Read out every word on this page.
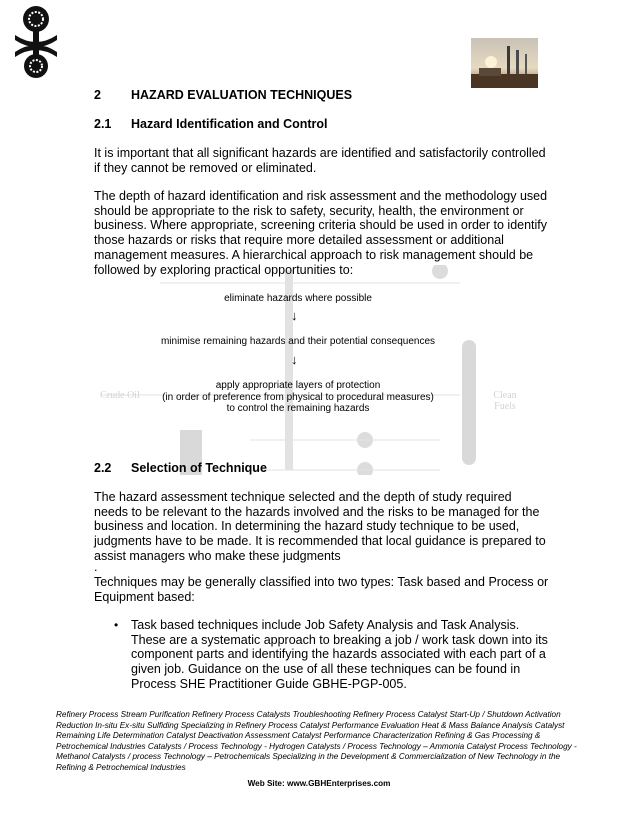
2 HAZARD EVALUATION TECHNIQUES
2.1 Hazard Identification and Control
It is important that all significant hazards are identified and satisfactorily controlled if they cannot be removed or eliminated.
The depth of hazard identification and risk assessment and the methodology used should be appropriate to the risk to safety, security, health, the environment or business. Where appropriate, screening criteria should be used in order to identify those hazards or risks that require more detailed assessment or additional management measures. A hierarchical approach to risk management should be followed by exploring practical opportunities to:
Crude Oil	Clean Fuels
eliminate hazards where possible
↓
minimise remaining hazards and their potential consequences
↓
apply appropriate layers of protection
(in order of preference from physical to procedural measures)
to control the remaining hazards
2.2 Selection of Technique
The hazard assessment technique selected and the depth of study required needs to be relevant to the hazards involved and the risks to be managed for the business and location. In determining the hazard study technique to be used, judgments have to be made. It is recommended that local guidance is prepared to assist managers who make these judgments
.
Techniques may be generally classified into two types: Task based and Process or Equipment based:
• Task based techniques include Job Safety Analysis and Task Analysis. These are a systematic approach to breaking a job / work task down into its component parts and identifying the hazards associated with each part of a given job. Guidance on the use of all these techniques can be found in Process SHE Practitioner Guide GBHE-PGP-005.
Refinery Process Stream Purification Refinery Process Catalysts Troubleshooting Refinery Process Catalyst Start-Up / Shutdown Activation Reduction In-situ Ex-situ Sulfiding Specializing in Refinery Process Catalyst Performance Evaluation Heat & Mass Balance Analysis Catalyst Remaining Life Determination Catalyst Deactivation Assessment Catalyst Performance Characterization Refining & Gas Processing & Petrochemical Industries Catalysts / Process Technology - Hydrogen Catalysts / Process Technology – Ammonia Catalyst Process Technology - Methanol Catalysts / process Technology – Petrochemicals Specializing in the Development & Commercialization of New Technology in the Refining & Petrochemical Industries
Web Site: www.GBHEnterprises.com
